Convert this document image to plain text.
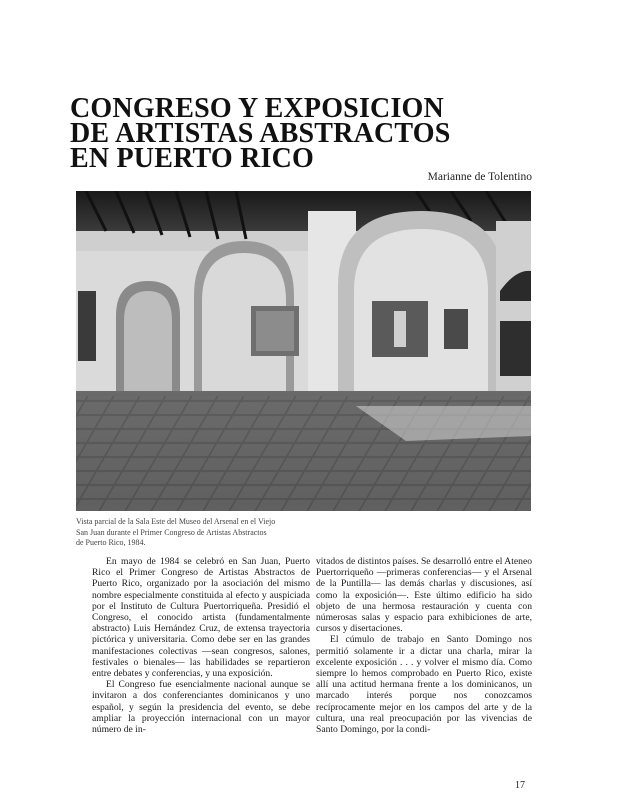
CONGRESO Y EXPOSICION
DE ARTISTAS ABSTRACTOS
EN PUERTO RICO
Marianne de Tolentino

Vista parcial de la Sala Este del Museo del Arsenal en el Viejo

San Juan durante el Primer Congreso de Artistas Abstractos

de Puerto Rico, 1984.

En mayo de 1984 se celebró en San Juan, Puerto Rico el Primer Congreso de Artistas Abstractos de Puerto Rico, organizado por la asociación del mismo nombre especialmente constituida al efecto y auspiciada por el Instituto de Cultura Puertorriqueña. Presidió el Congreso, el conocido artista (fundamentalmente abstracto) Luis Hernández Cruz, de extensa trayectoria pictórica y universitaria. Como debe ser en las grandes manifestaciones colectivas —sean congresos, salones, festivales o bienales— las habilidades se repartieron entre debates y conferencias, y una exposición.

El Congreso fue esencialmente nacional aunque se invitaron a dos conferenciantes dominicanos y uno español, y según la presidencia del evento, se debe ampliar la proyección internacional con un mayor número de in-

vitados de distintos países. Se desarrolló entre el Ateneo Puertorriqueño —primeras conferencias— y el Arsenal de la Puntilla— las demás charlas y discusiones, así como la exposición—. Este último edificio ha sido objeto de una hermosa restauración y cuenta con númerosas salas y espacio para exhibiciones de arte, cursos y disertaciones.

El cúmulo de trabajo en Santo Domingo nos permitió solamente ir a dictar una charla, mirar la excelente exposición . . . y volver el mismo día. Como siempre lo hemos comprobado en Puerto Rico, existe allí una actitud hermana frente a los dominicanos, un marcado interés porque nos conozcamos recíprocamente mejor en los campos del arte y de la cultura, una real preocupación por las vivencias de Santo Domingo, por la condi-

17
